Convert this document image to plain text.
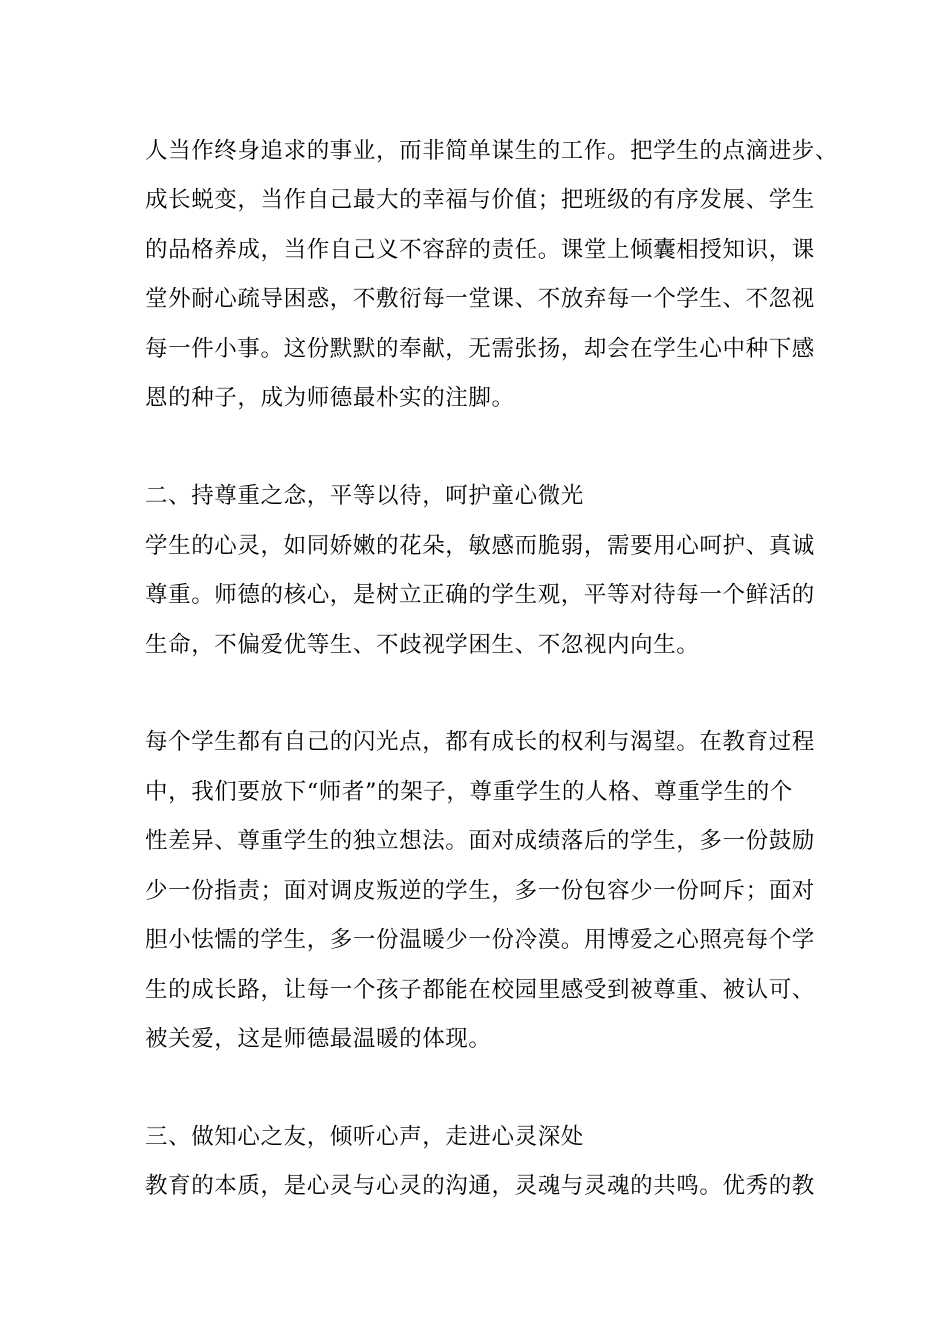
人当作终身追求的事业，而非简单谋生的工作。把学生的点滴进步、
成长蜕变，当作自己最大的幸福与价值；把班级的有序发展、学生
的品格养成，当作自己义不容辞的责任。课堂上倾囊相授知识，课
堂外耐心疏导困惑，不敷衍每一堂课、不放弃每一个学生、不忽视
每一件小事。这份默默的奉献，无需张扬，却会在学生心中种下感
恩的种子，成为师德最朴实的注脚。
二、持尊重之念，平等以待，呵护童心微光
学生的心灵，如同娇嫩的花朵，敏感而脆弱，需要用心呵护、真诚
尊重。师德的核心，是树立正确的学生观，平等对待每一个鲜活的
生命，不偏爱优等生、不歧视学困生、不忽视内向生。
每个学生都有自己的闪光点，都有成长的权利与渴望。在教育过程
中，我们要放下“师者”的架子，尊重学生的人格、尊重学生的个
性差异、尊重学生的独立想法。面对成绩落后的学生，多一份鼓励
少一份指责；面对调皮叛逆的学生，多一份包容少一份呵斥；面对
胆小怯懦的学生，多一份温暖少一份冷漠。用博爱之心照亮每个学
生的成长路，让每一个孩子都能在校园里感受到被尊重、被认可、
被关爱，这是师德最温暖的体现。
三、做知心之友，倾听心声，走进心灵深处
教育的本质，是心灵与心灵的沟通，灵魂与灵魂的共鸣。优秀的教
